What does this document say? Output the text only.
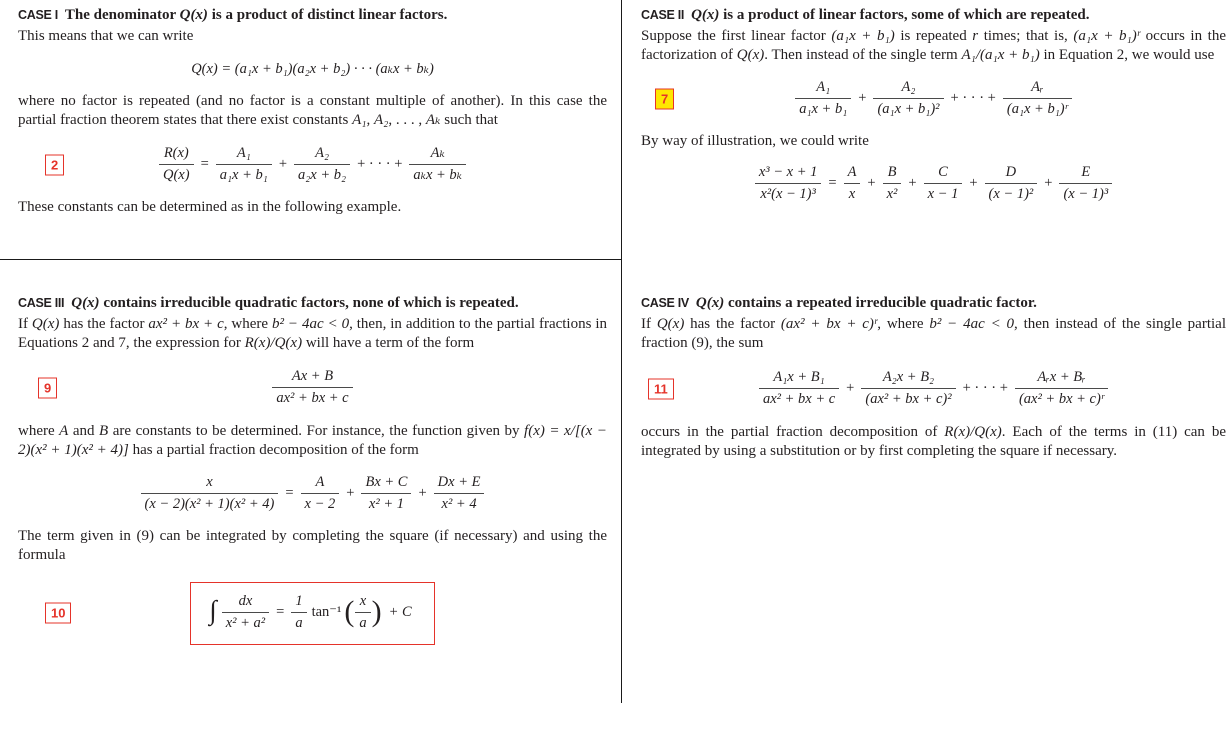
CASE I The denominator Q(x) is a product of distinct linear factors.

This means that we can write

Q(x) = (a₁x + b₁)(a₂x + b₂) · · · (aₖx + bₖ)

where no factor is repeated (and no factor is a constant multiple of another). In this case the partial fraction theorem states that there exist constants A₁, A₂, . . . , Aₖ such that

2	$\frac{R(x)}{Q(x)} = \frac{\text{A₁}}{\text{a₁x + b₁}} + \frac{\text{A₂}}{\text{a₂x + b₂}}$ + · · · + $\frac{\text{Aₖ}}{\text{aₖx + bₖ}}$

These constants can be determined as in the following example.

CASE II Q(x) is a product of linear factors, some of which are repeated.

Suppose the first linear factor (a₁x + b₁) is repeated r times; that is, (a₁x + b₁)ʳ occurs in the factorization of Q(x). Then instead of the single term A₁/(a₁x + b₁) in Equation 2, we would use

7	$\frac{\text{A₁}}{\text{a₁x + b₁}} + \frac{\text{A₂}}{\text{(a₁x + b₁)²}}$ + · · · + $\frac{\text{Aᵣ}}{\text{(a₁x + b₁)ʳ}}$

By way of illustration, we could write

$\frac{\text{x³ − x + 1}}{\text{x²(x − 1)³}} = \frac{A}{x} + \frac{B}{\text{x²}} + \frac{C}{x - 1} + \frac{D}{\text{(x − 1)²}} + \frac{E}{\text{(x − 1)³}}$
CASE III Q(x) contains irreducible quadratic factors, none of which is repeated.

If Q(x) has the factor ax² + bx + c, where b² − 4ac < 0, then, in addition to the partial fractions in Equations 2 and 7, the expression for R(x)/Q(x) will have a term of the form

9	$\frac{Ax + B}{\text{ax² + bx + c}}$

where A and B are constants to be determined. For instance, the function given by f(x) = x/[(x − 2)(x² + 1)(x² + 4)] has a partial fraction decomposition of the form

$\frac{x}{\text{(x − 2)(x² + 1)(x² + 4)}} = \frac{A}{x - 2} + \frac{Bx + C}{\text{x² + 1}} + \frac{Dx + E}{\text{x² + 4}}$

The term given in (9) can be integrated by completing the square (if necessary) and using the formula

10	∫ $\frac{dx}{\text{x² + a²}} = \frac{1}{a} \tan^{-1}$ ( $\frac{x}{a}$ ) + C
CASE IV Q(x) contains a repeated irreducible quadratic factor.

If Q(x) has the factor (ax² + bx + c)ʳ, where b² − 4ac < 0, then instead of the single partial fraction (9), the sum

11	$\frac{\text{A₁x + B₁}}{\text{ax² + bx + c}} + \frac{\text{A₂x + B₂}}{\text{(ax² + bx + c)²}}$ + · · · + $\frac{\text{Aᵣx + Bᵣ}}{\text{(ax² + bx + c)ʳ}}$

occurs in the partial fraction decomposition of R(x)/Q(x). Each of the terms in (11) can be integrated by using a substitution or by first completing the square if necessary.
